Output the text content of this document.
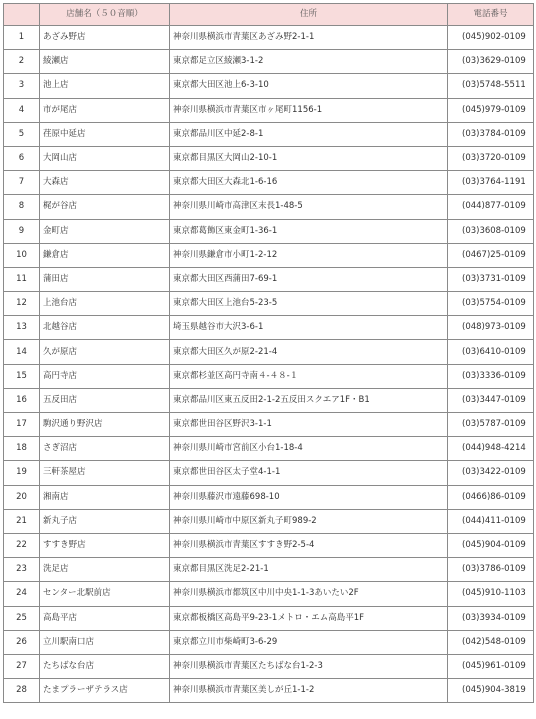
	店舗名（５０音順）	住所	電話番号
1	あざみ野店	神奈川県横浜市青葉区あざみ野2-1-1	(045)902-0109
2	綾瀬店	東京都足立区綾瀬3-1-2	(03)3629-0109
3	池上店	東京都大田区池上6-3-10	(03)5748-5511
4	市が尾店	神奈川県横浜市青葉区市ヶ尾町1156-1	(045)979-0109
5	荏原中延店	東京都品川区中延2-8-1	(03)3784-0109
6	大岡山店	東京都目黒区大岡山2-10-1	(03)3720-0109
7	大森店	東京都大田区大森北1-6-16	(03)3764-1191
8	梶が谷店	神奈川県川崎市高津区末長1-48-5	(044)877-0109
9	金町店	東京都葛飾区東金町1-36-1	(03)3608-0109
10	鎌倉店	神奈川県鎌倉市小町1-2-12	(0467)25-0109
11	蒲田店	東京都大田区西蒲田7-69-1	(03)3731-0109
12	上池台店	東京都大田区上池台5-23-5	(03)5754-0109
13	北越谷店	埼玉県越谷市大沢3-6-1	(048)973-0109
14	久が原店	東京都大田区久が原2-21-4	(03)6410-0109
15	高円寺店	東京都杉並区高円寺南４-４８-１	(03)3336-0109
16	五反田店	東京都品川区東五反田2-1-2五反田スクエア1F・B1	(03)3447-0109
17	駒沢通り野沢店	東京都世田谷区野沢3-1-1	(03)5787-0109
18	さぎ沼店	神奈川県川崎市宮前区小台1-18-4	(044)948-4214
19	三軒茶屋店	東京都世田谷区太子堂4-1-1	(03)3422-0109
20	湘南店	神奈川県藤沢市遠藤698-10	(0466)86-0109
21	新丸子店	神奈川県川崎市中原区新丸子町989-2	(044)411-0109
22	すすき野店	神奈川県横浜市青葉区すすき野2-5-4	(045)904-0109
23	洗足店	東京都目黒区洗足2-21-1	(03)3786-0109
24	センター北駅前店	神奈川県横浜市都筑区中川中央1-1-3あいたい2F	(045)910-1103
25	高島平店	東京都板橋区高島平9-23-1メトロ・エム高島平1F	(03)3934-0109
26	立川駅南口店	東京都立川市柴崎町3-6-29	(042)548-0109
27	たちばな台店	神奈川県横浜市青葉区たちばな台1-2-3	(045)961-0109
28	たまプラーザテラス店	神奈川県横浜市青葉区美しが丘1-1-2	(045)904-3819
